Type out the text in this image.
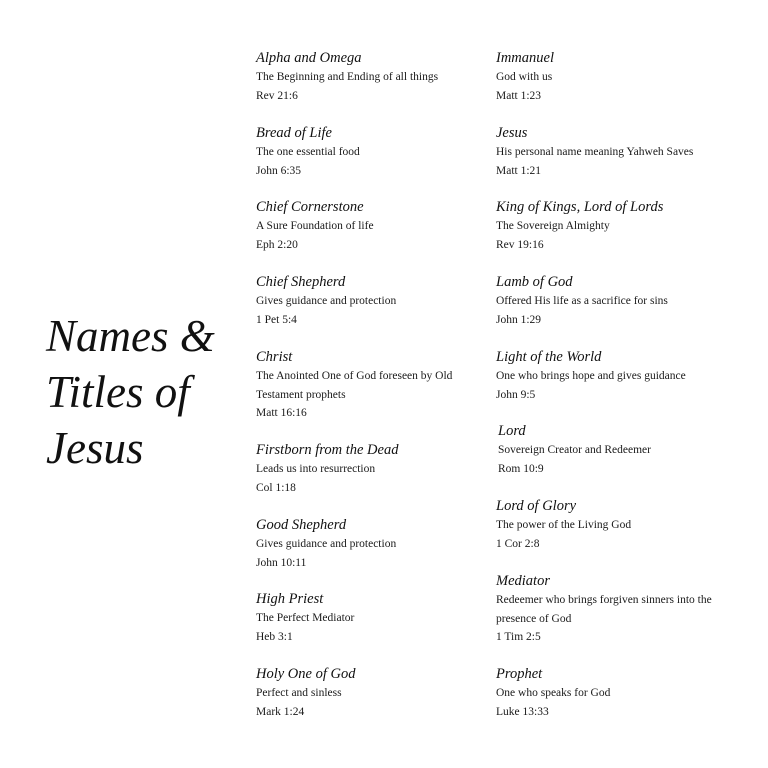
Names &
Titles of
Jesus
Alpha and Omega
The Beginning and Ending of all things
Rev 21:6
Bread of Life
The one essential food
John 6:35
Chief Cornerstone
A Sure Foundation of life
Eph 2:20
Chief Shepherd
Gives guidance and protection
1 Pet 5:4
Christ
The Anointed One of God foreseen by Old Testament prophets
Matt 16:16
Firstborn from the Dead
Leads us into resurrection
Col 1:18
Good Shepherd
Gives guidance and protection
John 10:11
High Priest
The Perfect Mediator
Heb 3:1
Holy One of God
Perfect and sinless
Mark 1:24
Immanuel
God with us
Matt 1:23
Jesus
His personal name meaning Yahweh Saves
Matt 1:21
King of Kings, Lord of Lords
The Sovereign Almighty
Rev 19:16
Lamb of God
Offered His life as a sacrifice for sins
John 1:29
Light of the World
One who brings hope and gives guidance
John 9:5
Lord
Sovereign Creator and Redeemer
Rom 10:9
Lord of Glory
The power of the Living God
1 Cor 2:8
Mediator
Redeemer who brings forgiven sinners into the presence of God
1 Tim 2:5
Prophet
One who speaks for God
Luke 13:33
